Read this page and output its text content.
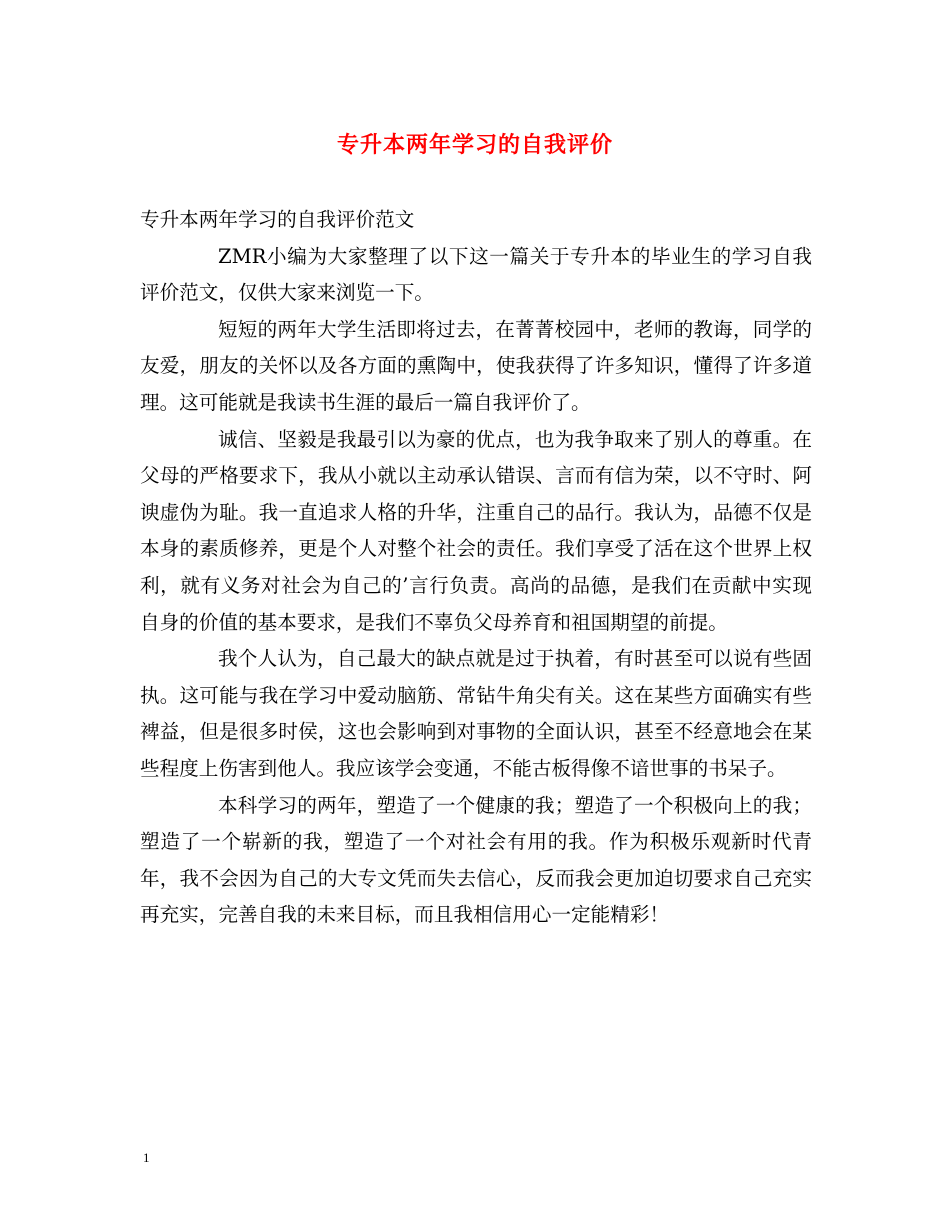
专升本两年学习的自我评价

专升本两年学习的自我评价范文

ZMR小编为大家整理了以下这一篇关于专升本的毕业生的学习自我评价范文，仅供大家来浏览一下。

短短的两年大学生活即将过去，在菁菁校园中，老师的教诲，同学的友爱，朋友的关怀以及各方面的熏陶中，使我获得了许多知识，懂得了许多道理。这可能就是我读书生涯的最后一篇自我评价了。

诚信、坚毅是我最引以为豪的优点，也为我争取来了别人的尊重。在父母的严格要求下，我从小就以主动承认错误、言而有信为荣，以不守时、阿谀虚伪为耻。我一直追求人格的升华，注重自己的品行。我认为，品德不仅是本身的素质修养，更是个人对整个社会的责任。我们享受了活在这个世界上权利，就有义务对社会为自己的’言行负责。高尚的品德，是我们在贡献中实现自身的价值的基本要求，是我们不辜负父母养育和祖国期望的前提。

我个人认为，自己最大的缺点就是过于执着，有时甚至可以说有些固执。这可能与我在学习中爱动脑筋、常钻牛角尖有关。这在某些方面确实有些裨益，但是很多时侯，这也会影响到对事物的全面认识，甚至不经意地会在某些程度上伤害到他人。我应该学会变通，不能古板得像不谙世事的书呆子。

本科学习的两年，塑造了一个健康的我；塑造了一个积极向上的我；塑造了一个崭新的我，塑造了一个对社会有用的我。作为积极乐观新时代青年，我不会因为自己的大专文凭而失去信心，反而我会更加迫切要求自己充实再充实，完善自我的未来目标，而且我相信用心一定能精彩！

1
